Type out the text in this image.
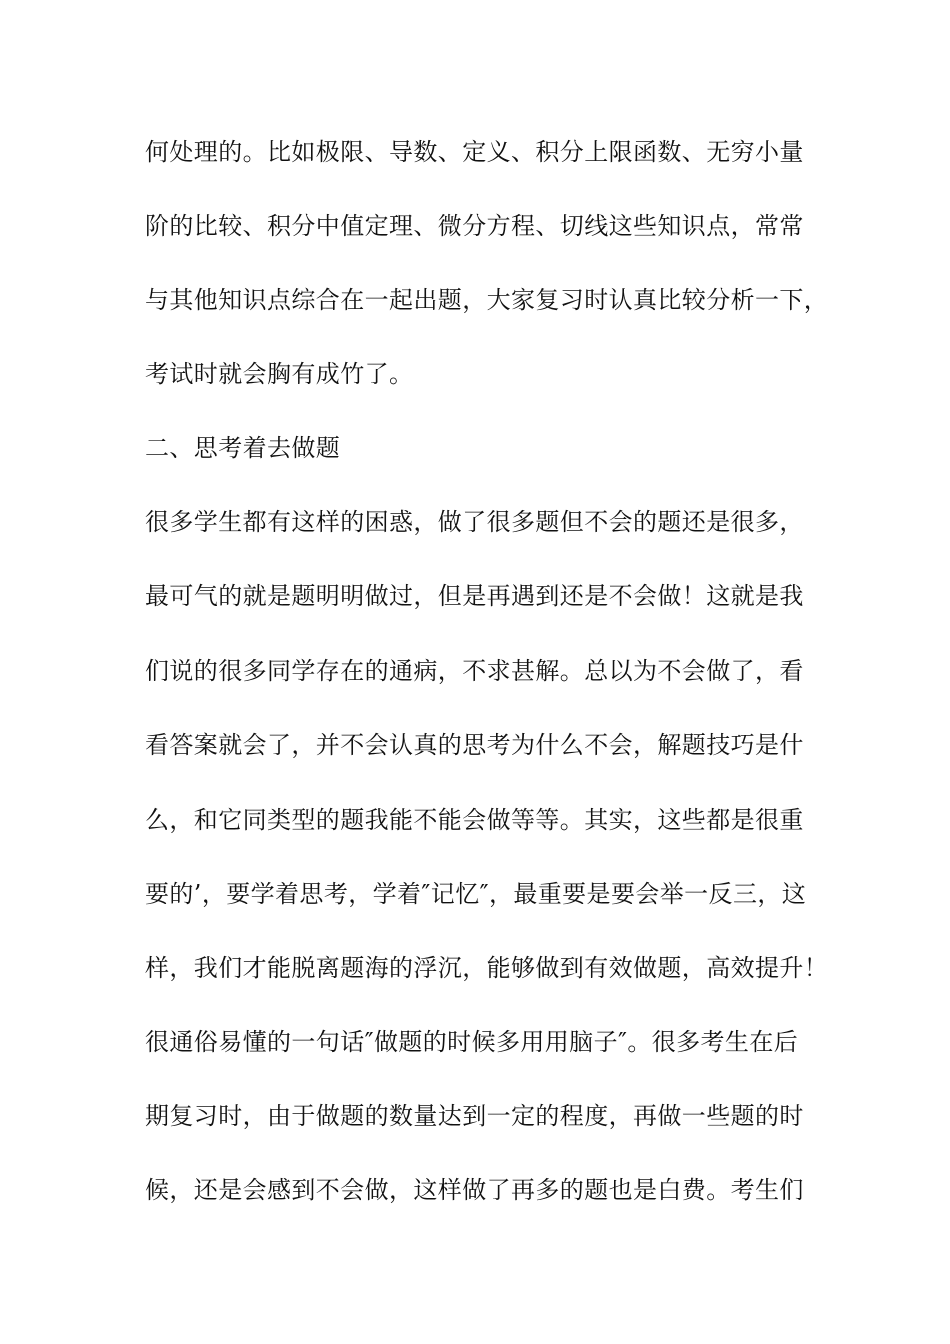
何处理的。比如极限、导数、定义、积分上限函数、无穷小量
阶的比较、积分中值定理、微分方程、切线这些知识点，常常
与其他知识点综合在一起出题，大家复习时认真比较分析一下，
考试时就会胸有成竹了。
二、思考着去做题
很多学生都有这样的困惑，做了很多题但不会的题还是很多，
最可气的就是题明明做过，但是再遇到还是不会做！这就是我
们说的很多同学存在的通病，不求甚解。总以为不会做了，看
看答案就会了，并不会认真的思考为什么不会，解题技巧是什
么，和它同类型的题我能不能会做等等。其实，这些都是很重
要的’，要学着思考，学着″记忆″，最重要是要会举一反三，这
样，我们才能脱离题海的浮沉，能够做到有效做题，高效提升！
很通俗易懂的一句话″做题的时候多用用脑子″。很多考生在后
期复习时，由于做题的数量达到一定的程度，再做一些题的时
候，还是会感到不会做，这样做了再多的题也是白费。考生们
